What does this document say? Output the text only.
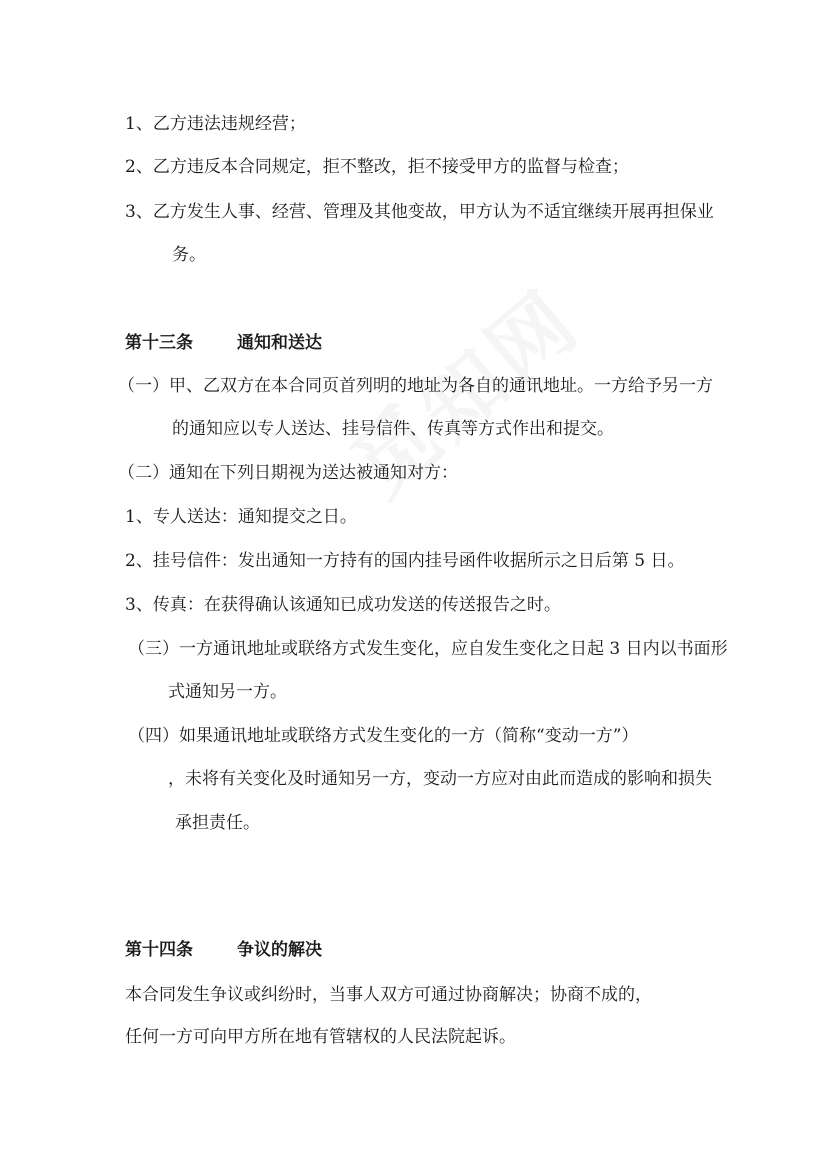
1、乙方违法违规经营；
2、乙方违反本合同规定，拒不整改，拒不接受甲方的监督与检查；
3、乙方发生人事、经营、管理及其他变故，甲方认为不适宜继续开展再担保业
务。
第十三条	通知和送达
（一）甲、乙双方在本合同页首列明的地址为各自的通讯地址。一方给予另一方
的通知应以专人送达、挂号信件、传真等方式作出和提交。
（二）通知在下列日期视为送达被通知对方：
1、专人送达：通知提交之日。
2、挂号信件：发出通知一方持有的国内挂号函件收据所示之日后第 5 日。
3、传真：在获得确认该通知已成功发送的传送报告之时。
（三）一方通讯地址或联络方式发生变化，应自发生变化之日起 3 日内以书面形
式通知另一方。
（四）如果通讯地址或联络方式发生变化的一方（简称“变动一方”）
，未将有关变化及时通知另一方，变动一方应对由此而造成的影响和损失
承担责任。
第十四条	争议的解决
本合同发生争议或纠纷时，当事人双方可通过协商解决；协商不成的，
任何一方可向甲方所在地有管辖权的人民法院起诉。
